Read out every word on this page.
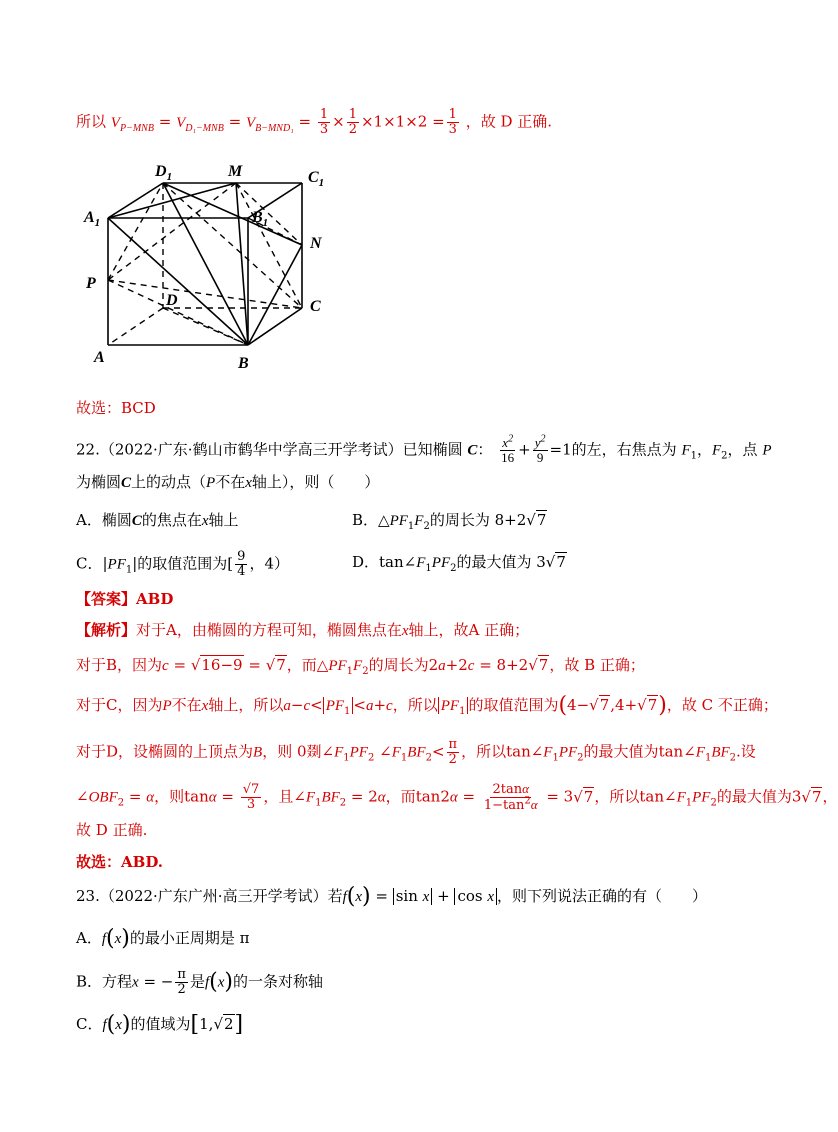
所以 $V_{P-MNB} = V_{D_1-MNB} = V_{B-MND_1} = \frac{1}{3} \times \frac{1}{2} \times 1\times 1\times 2 = \frac{1}{3}$ ，故 D 正确.
$D_1$	M	$C_1$
$A_1$	$B_1$
N
P
D	C
A	B
故选：BCD
22.（2022·广东·鹤山市鹤华中学高三开学考试）已知椭圆 C： $\frac{x^2}{16} + \frac{y^2}{9} =1$的左，右焦点为 $F_1$，$F_2$，点 P
为椭圆C上的动点（P不在x轴上），则（　　）
A．椭圆C的焦点在x轴上	B．$\triangle PF_1F_2$的周长为 8+2√7
C．$|PF_1|$的取值范围为[ $\frac{9}{4}$ ，4）	D．$\tan\angle F_1PF_2$的最大值为 3√7
【答案】ABD
【解析】对于A，由椭圆的方程可知，椭圆焦点在x轴上，故A 正确；
对于B，因为c = √16−9 = √7，而$\triangle PF_1F_2$的周长为2a+2c = 8+2√7，故 B 正确；
对于C，因为P不在x轴上，所以$a-c< PF_1 <a+c$，所以 $PF_1$ 的取值范围为(4−√7,4+√7)，故 C 不正确；
对于D，设椭圆的上顶点为B，则 0剟$\angle F_1PF_2$ $\angle F_1BF_2< \frac{\pi}{2}$ ，所以$\tan\angle F_1PF_2$的最大值为$\tan\angle F_1BF_2$.设
$\angle OBF_2 = \alpha$，则$\tan\alpha = \frac{√7}{3}$ ，且$\angle F_1BF_2 = 2\alpha$，而$\tan 2\alpha = \frac{2\tan\alpha}{1-\tan^2\alpha} = 3√7$，所以$\tan\angle F_1PF_2$的最大值为3√7，
故 D 正确.
故选：ABD.
23.（2022·广东广州·高三开学考试）若f(x) = sin x + cos x ，则下列说法正确的有（　　）
A．f(x)的最小正周期是 π
B．方程x = − $\frac{\pi}{2}$ 是f(x)的一条对称轴
C．f(x)的值域为[1,√2]
